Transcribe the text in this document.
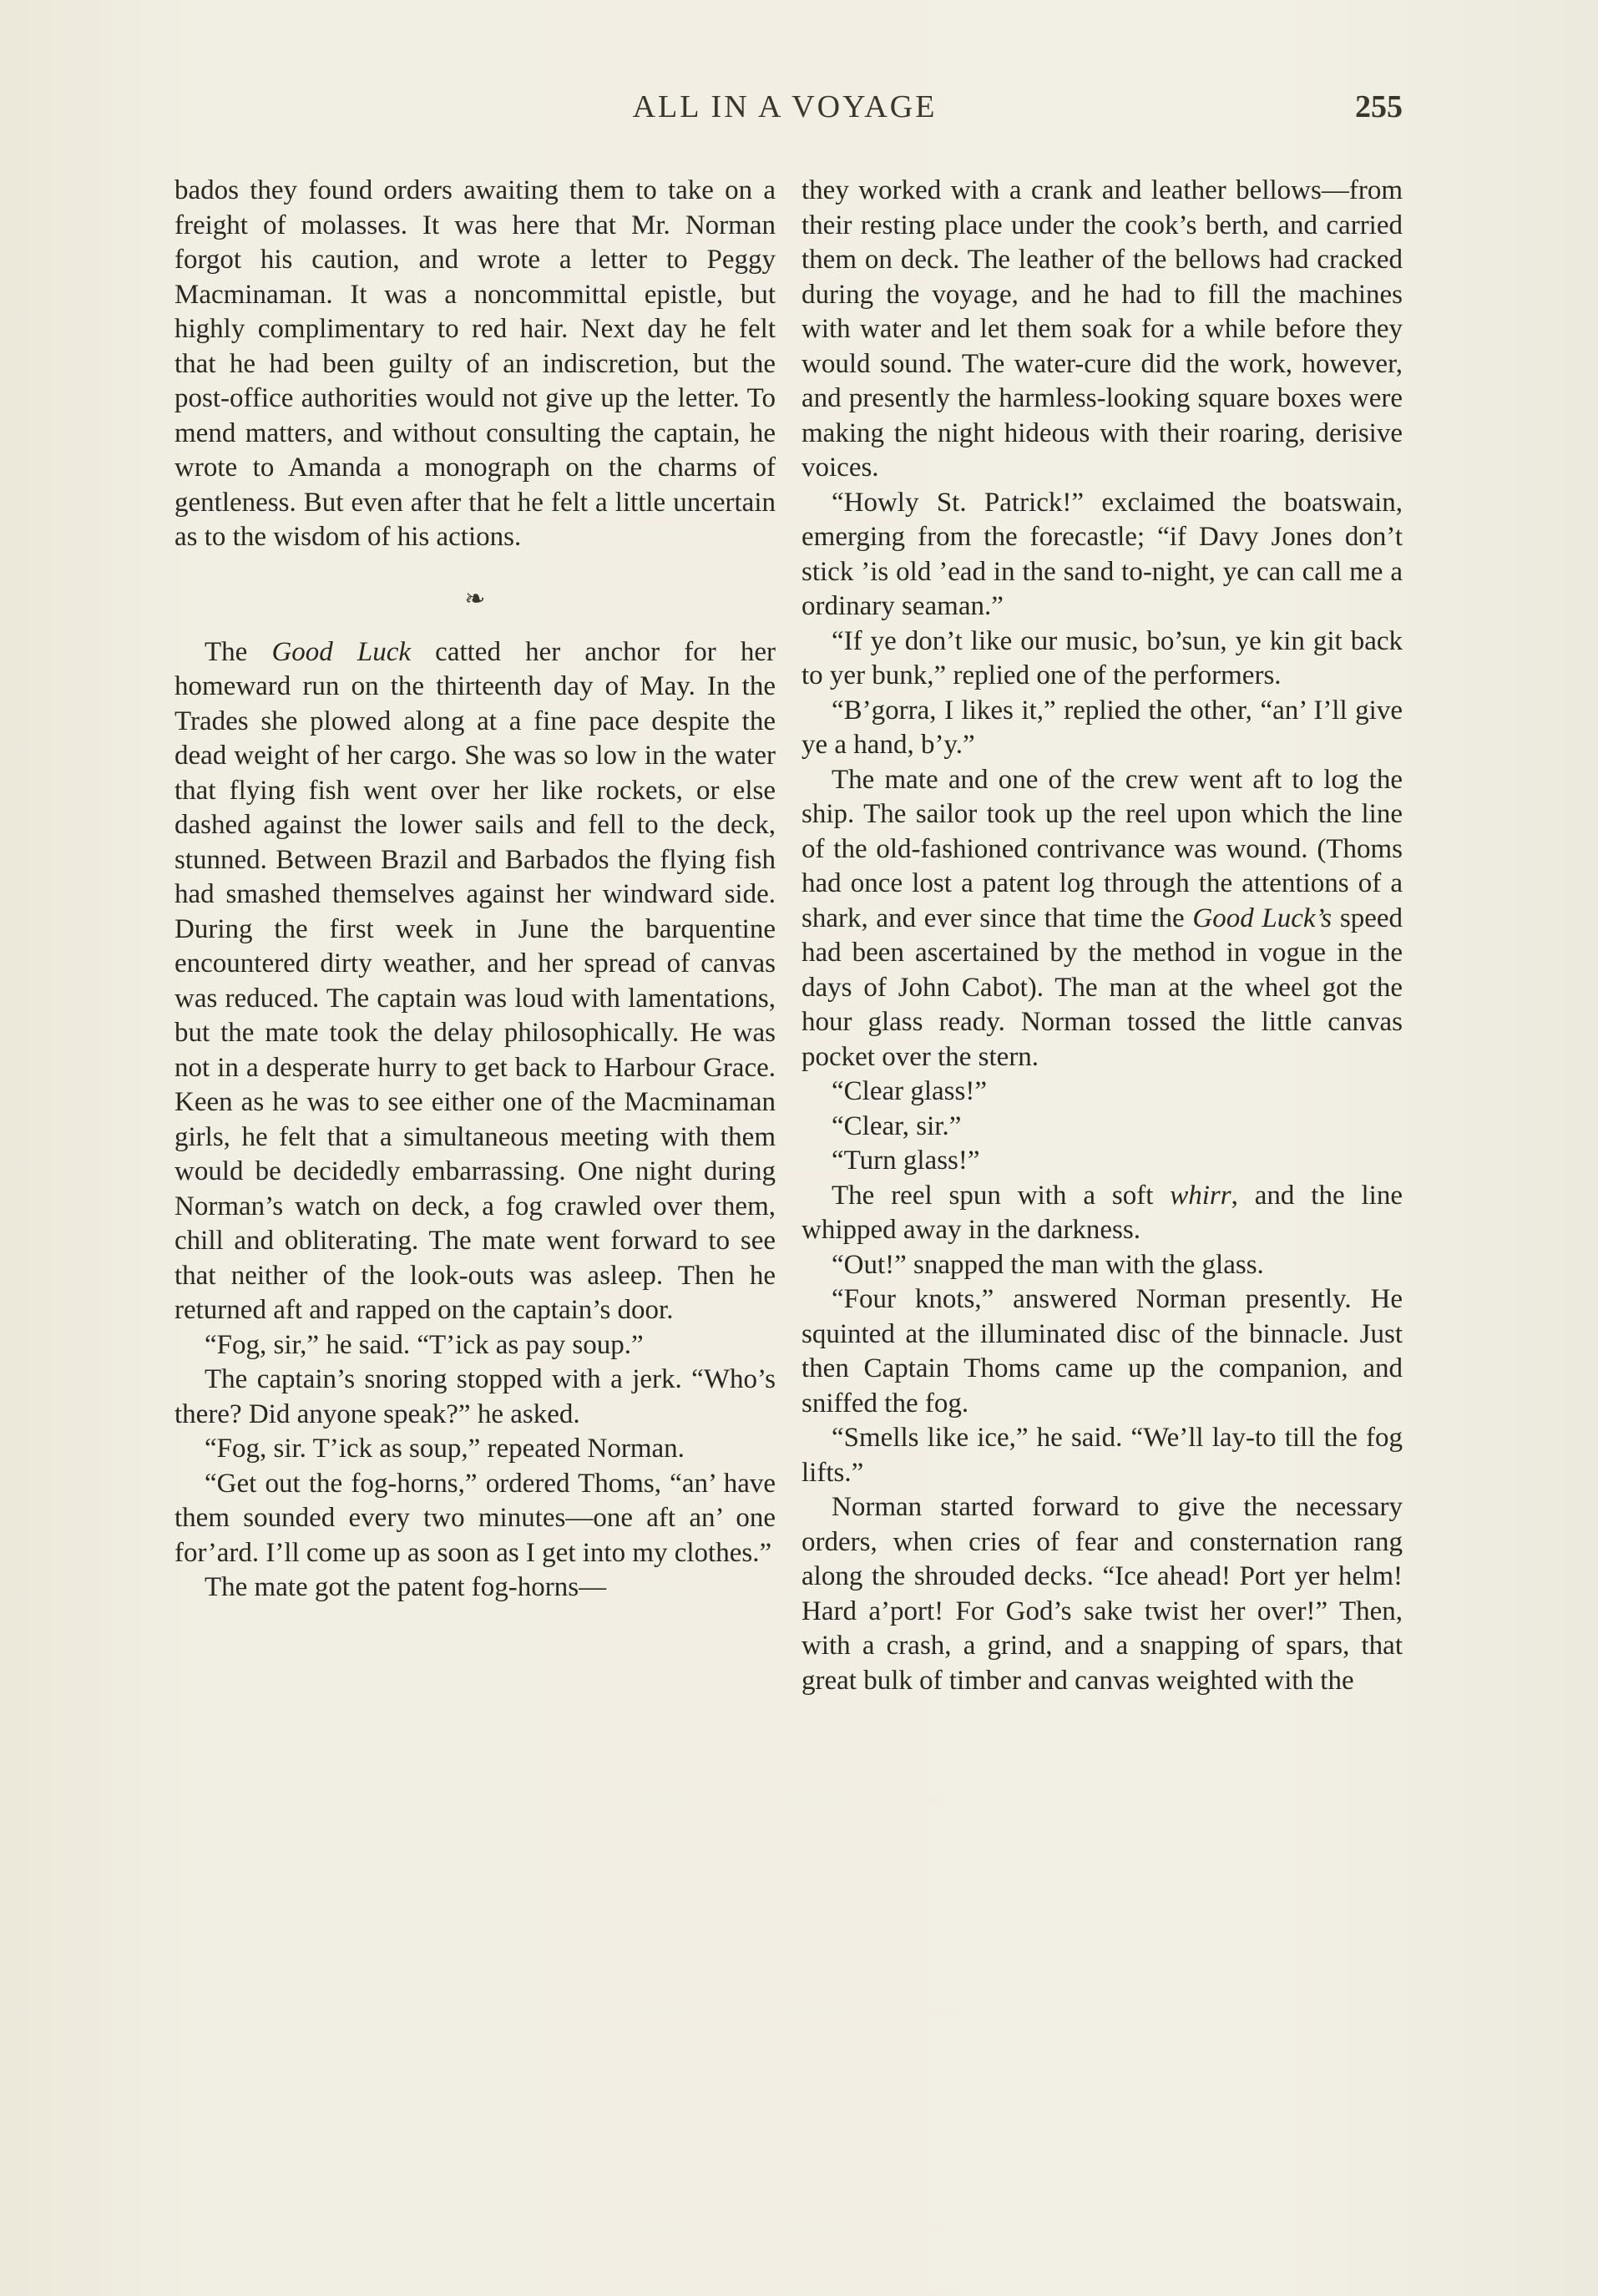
ALL IN A VOYAGE	255

bados they found orders awaiting them to take on a freight of molasses. It was here that Mr. Norman forgot his caution, and wrote a letter to Peggy Macminaman. It was a noncommittal epistle, but highly complimentary to red hair. Next day he felt that he had been guilty of an indiscretion, but the post-office authorities would not give up the letter. To mend matters, and without consulting the captain, he wrote to Amanda a monograph on the charms of gentleness. But even after that he felt a little uncertain as to the wisdom of his actions.

❧

The Good Luck catted her anchor for her homeward run on the thirteenth day of May. In the Trades she plowed along at a fine pace despite the dead weight of her cargo. She was so low in the water that flying fish went over her like rockets, or else dashed against the lower sails and fell to the deck, stunned. Between Brazil and Barbados the flying fish had smashed themselves against her windward side. During the first week in June the barquentine encountered dirty weather, and her spread of canvas was reduced. The captain was loud with lamentations, but the mate took the delay philosophically. He was not in a desperate hurry to get back to Harbour Grace. Keen as he was to see either one of the Macminaman girls, he felt that a simultaneous meeting with them would be decidedly embarrassing. One night during Norman’s watch on deck, a fog crawled over them, chill and obliterating. The mate went forward to see that neither of the look-outs was asleep. Then he returned aft and rapped on the captain’s door.

“Fog, sir,” he said. “T’ick as pay soup.”

The captain’s snoring stopped with a jerk. “Who’s there? Did anyone speak?” he asked.

“Fog, sir. T’ick as soup,” repeated Norman.

“Get out the fog-horns,” ordered Thoms, “an’ have them sounded every two minutes—one aft an’ one for’ard. I’ll come up as soon as I get into my clothes.”

The mate got the patent fog-horns—

they worked with a crank and leather bellows—from their resting place under the cook’s berth, and carried them on deck. The leather of the bellows had cracked during the voyage, and he had to fill the machines with water and let them soak for a while before they would sound. The water-cure did the work, however, and presently the harmless-looking square boxes were making the night hideous with their roaring, derisive voices.

“Howly St. Patrick!” exclaimed the boatswain, emerging from the forecastle; “if Davy Jones don’t stick ’is old ’ead in the sand to-night, ye can call me a ordinary seaman.”

“If ye don’t like our music, bo’sun, ye kin git back to yer bunk,” replied one of the performers.

“B’gorra, I likes it,” replied the other, “an’ I’ll give ye a hand, b’y.”

The mate and one of the crew went aft to log the ship. The sailor took up the reel upon which the line of the old-fashioned contrivance was wound. (Thoms had once lost a patent log through the attentions of a shark, and ever since that time the Good Luck’s speed had been ascertained by the method in vogue in the days of John Cabot). The man at the wheel got the hour glass ready. Norman tossed the little canvas pocket over the stern.

“Clear glass!”

“Clear, sir.”

“Turn glass!”

The reel spun with a soft whirr, and the line whipped away in the darkness.

“Out!” snapped the man with the glass.

“Four knots,” answered Norman presently. He squinted at the illuminated disc of the binnacle. Just then Captain Thoms came up the companion, and sniffed the fog.

“Smells like ice,” he said. “We’ll lay-to till the fog lifts.”

Norman started forward to give the necessary orders, when cries of fear and consternation rang along the shrouded decks. “Ice ahead! Port yer helm! Hard a’port! For God’s sake twist her over!” Then, with a crash, a grind, and a snapping of spars, that great bulk of timber and canvas weighted with the
